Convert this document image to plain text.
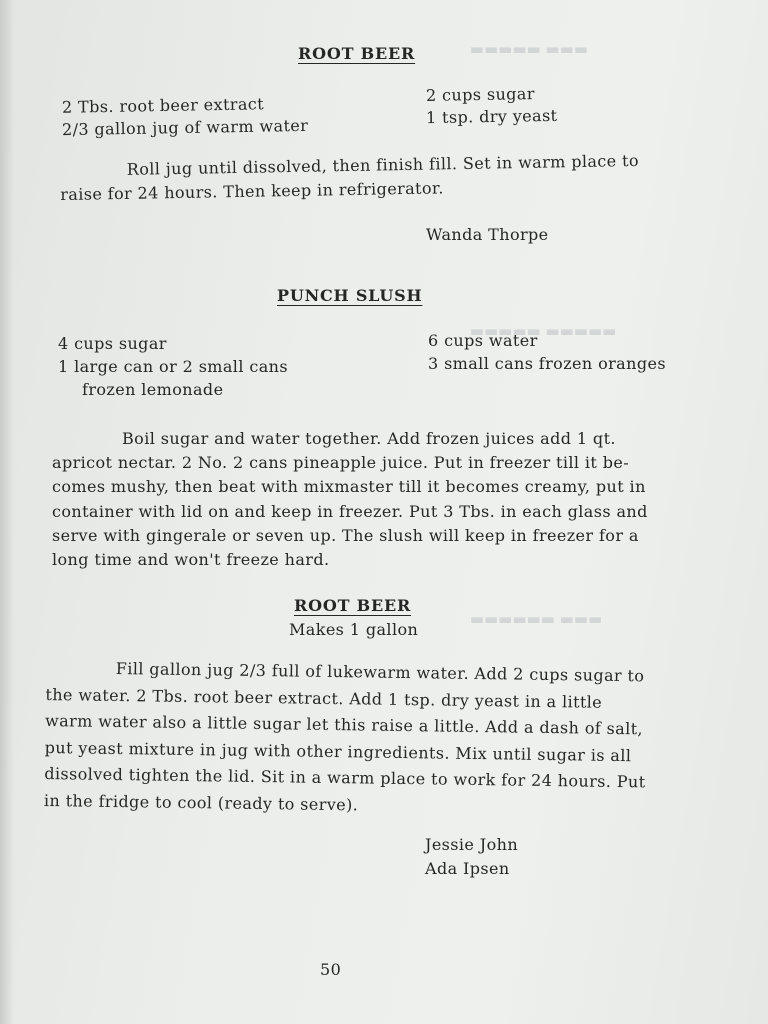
▬▬▬ ▬▬▬▬▬
▬▬▬▬▬ ▬▬▬▬▬
▬▬▬ ▬▬▬▬▬▬
ROOT BEER
2 Tbs. root beer extract
2/3 gallon jug of warm water
2 cups sugar
1 tsp. dry yeast
Roll jug until dissolved, then finish fill. Set in warm place to
raise for 24 hours. Then keep in refrigerator.
Wanda Thorpe
PUNCH SLUSH
4 cups sugar
1 large can or 2 small cans
frozen lemonade
6 cups water
3 small cans frozen oranges
Boil sugar and water together. Add frozen juices add 1 qt.
apricot nectar. 2 No. 2 cans pineapple juice. Put in freezer till it be-
comes mushy, then beat with mixmaster till it becomes creamy, put in
container with lid on and keep in freezer. Put 3 Tbs. in each glass and
serve with gingerale or seven up. The slush will keep in freezer for a
long time and won't freeze hard.
ROOT BEER
Makes 1 gallon
Fill gallon jug 2/3 full of lukewarm water. Add 2 cups sugar to
the water. 2 Tbs. root beer extract. Add 1 tsp. dry yeast in a little
warm water also a little sugar let this raise a little. Add a dash of salt,
put yeast mixture in jug with other ingredients. Mix until sugar is all
dissolved tighten the lid. Sit in a warm place to work for 24 hours. Put
in the fridge to cool (ready to serve).
Jessie John
Ada Ipsen
50
